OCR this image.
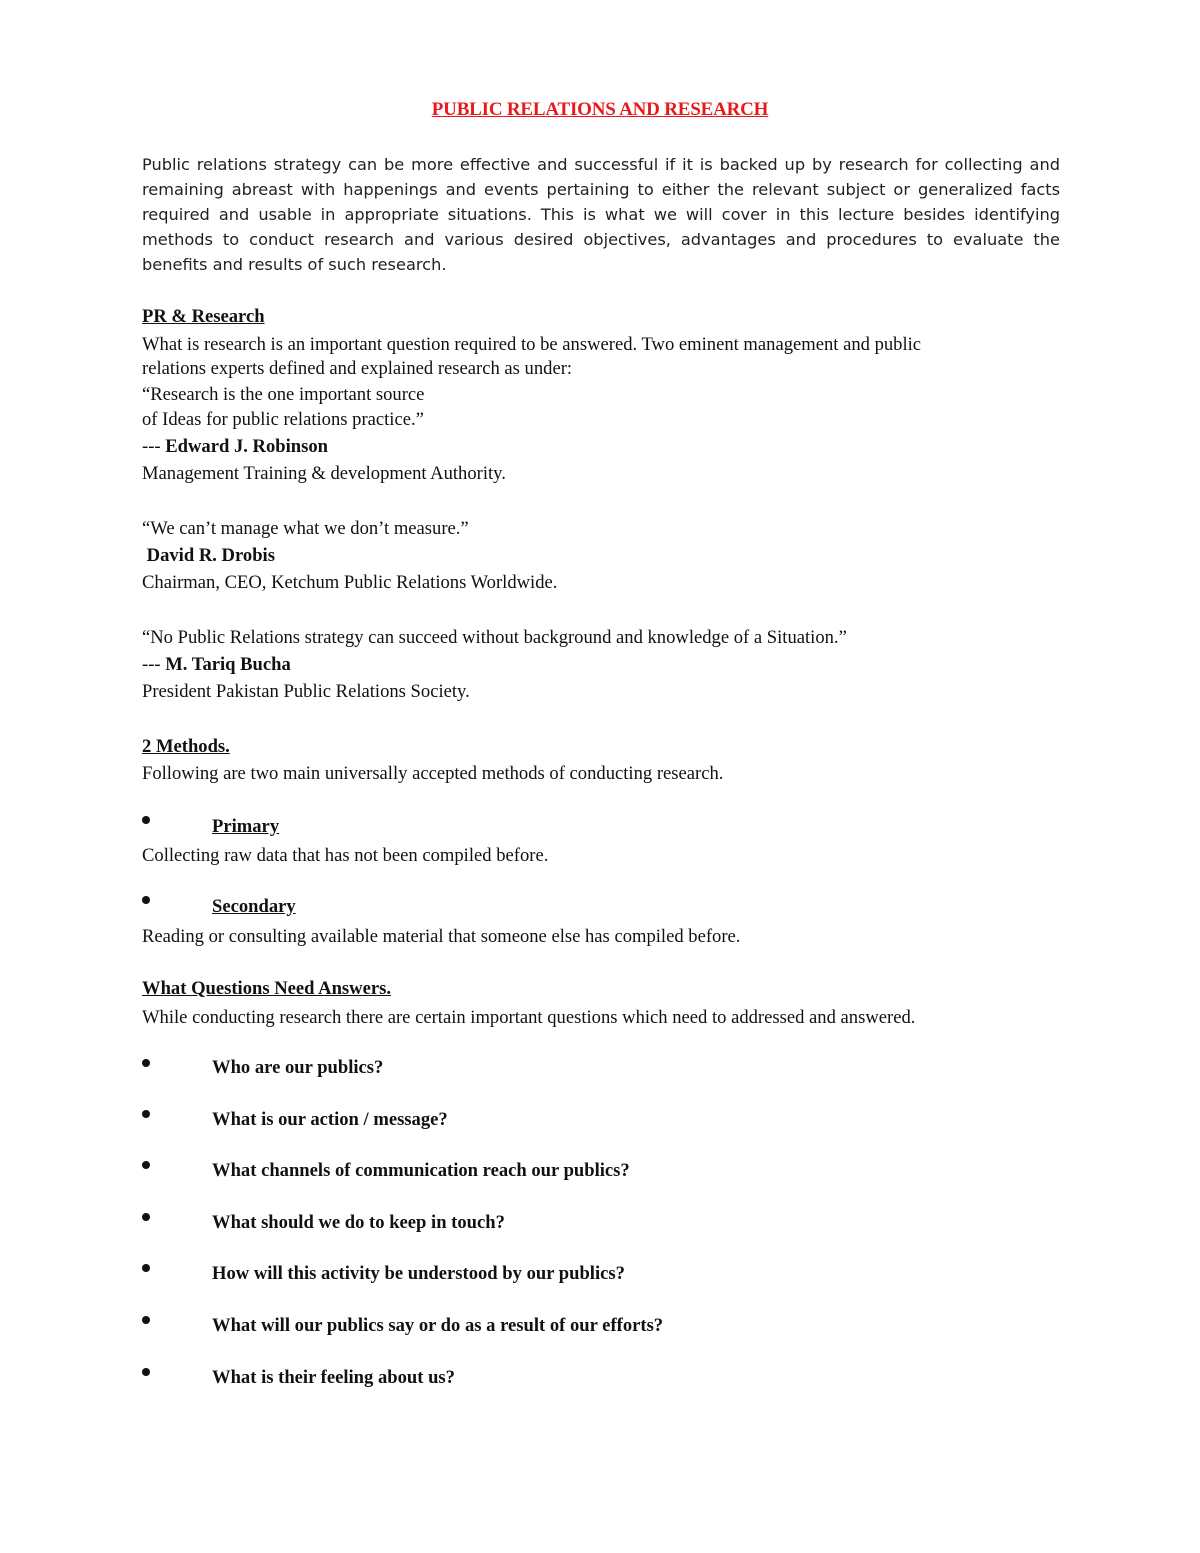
PUBLIC RELATIONS AND RESEARCH
Public relations strategy can be more effective and successful if it is backed up by research for collecting and remaining abreast with happenings and events pertaining to either the relevant subject or generalized facts required and usable in appropriate situations. This is what we will cover in this lecture besides identifying methods to conduct research and various desired objectives, advantages and procedures to evaluate the benefits and results of such research.
PR & Research
What is research is an important question required to be answered. Two eminent management and public
relations experts defined and explained research as under:
“Research is the one important source
of Ideas for public relations practice.”
--- Edward J. Robinson
Management Training & development Authority.
“We can’t manage what we don’t measure.”
David R. Drobis
Chairman, CEO, Ketchum Public Relations Worldwide.
“No Public Relations strategy can succeed without background and knowledge of a Situation.”
--- M. Tariq Bucha
President Pakistan Public Relations Society.
2 Methods.
Following are two main universally accepted methods of conducting research.
Primary
Collecting raw data that has not been compiled before.
Secondary
Reading or consulting available material that someone else has compiled before.
What Questions Need Answers.
While conducting research there are certain important questions which need to addressed and answered.
Who are our publics?
What is our action / message?
What channels of communication reach our publics?
What should we do to keep in touch?
How will this activity be understood by our publics?
What will our publics say or do as a result of our efforts?
What is their feeling about us?
